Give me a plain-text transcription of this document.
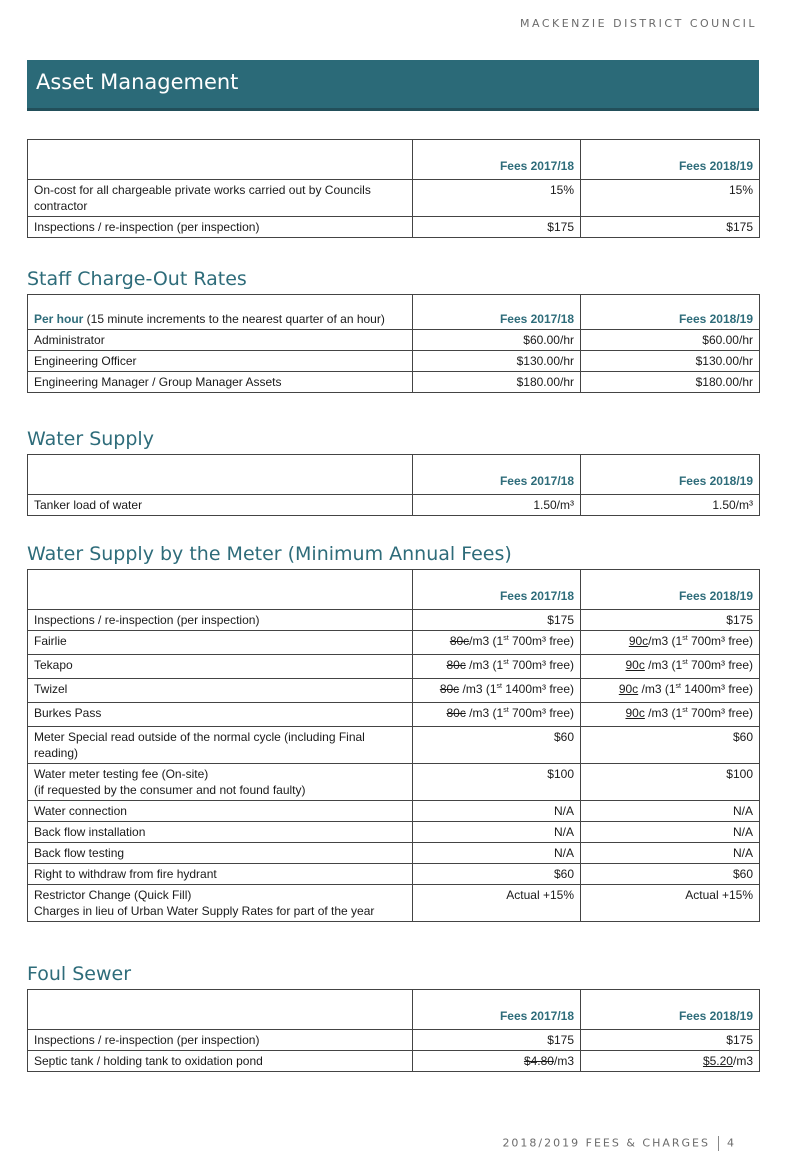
MACKENZIE DISTRICT COUNCIL
Asset Management
	Fees 2017/18	Fees 2018/19
On-cost for all chargeable private works carried out by Councils contractor	15%	15%
Inspections / re-inspection (per inspection)	$175	$175
Staff Charge-Out Rates
Per hour (15 minute increments to the nearest quarter of an hour)	Fees 2017/18	Fees 2018/19
Administrator	$60.00/hr	$60.00/hr
Engineering Officer	$130.00/hr	$130.00/hr
Engineering Manager / Group Manager Assets	$180.00/hr	$180.00/hr
Water Supply
	Fees 2017/18	Fees 2018/19
Tanker load of water	1.50/m³	1.50/m³
Water Supply by the Meter (Minimum Annual Fees)
	Fees 2017/18	Fees 2018/19
Inspections / re-inspection (per inspection)	$175	$175
Fairlie	80c/m3 (1st 700m³ free)	90c/m3 (1st 700m³ free)
Tekapo	80c /m3 (1st 700m³ free)	90c /m3 (1st 700m³ free)
Twizel	80c /m3 (1st 1400m³ free)	90c /m3 (1st 1400m³ free)
Burkes Pass	80c /m3 (1st 700m³ free)	90c /m3 (1st 700m³ free)
Meter Special read outside of the normal cycle (including Final reading)	$60	$60

Water meter testing fee (On-site)
(if requested by the consumer and not found faulty)	$100	$100
Water connection	N/A	N/A
Back flow installation	N/A	N/A
Back flow testing	N/A	N/A
Right to withdraw from fire hydrant	$60	$60

Restrictor Change (Quick Fill)
Charges in lieu of Urban Water Supply Rates for part of the year	Actual +15%	Actual +15%
Foul Sewer
	Fees 2017/18	Fees 2018/19
Inspections / re-inspection (per inspection)	$175	$175
Septic tank / holding tank to oxidation pond	$4.80/m3	$5.20/m3
2018/2019 FEES & CHARGES 4
